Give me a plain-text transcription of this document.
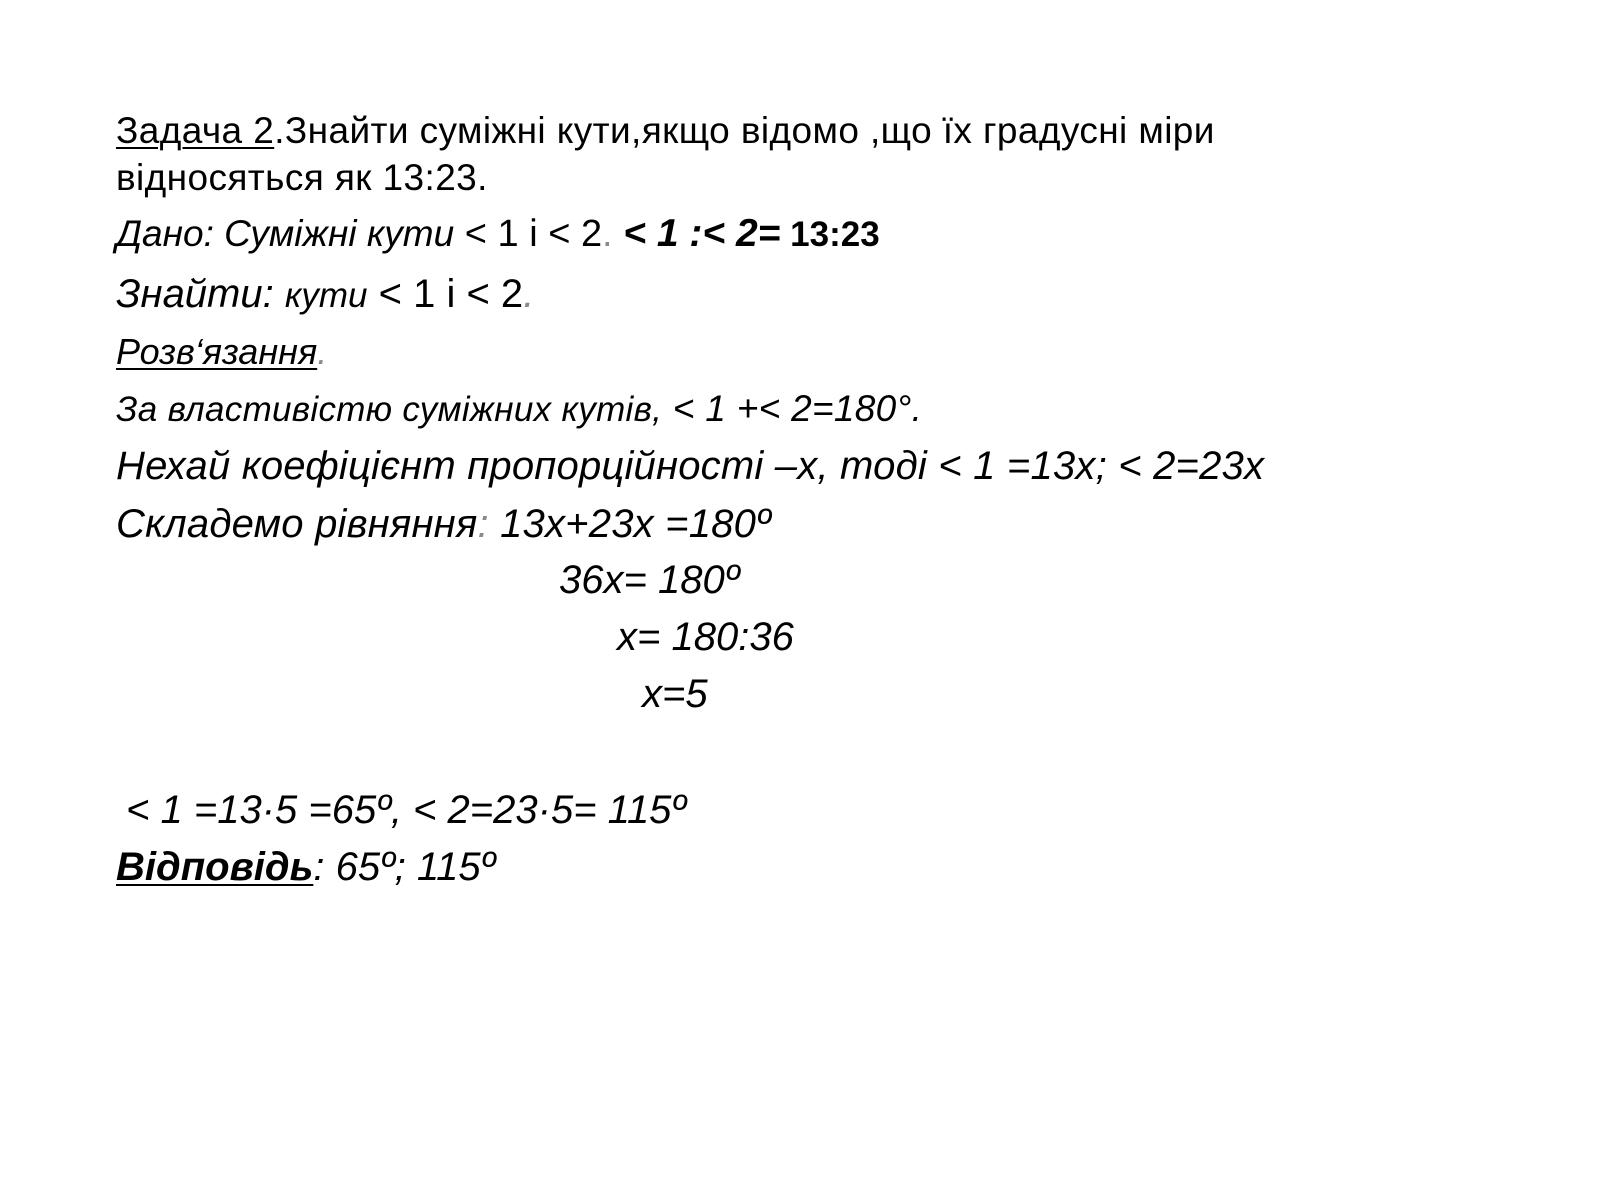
Задача 2.Знайти суміжні кути,якщо відомо ,що їх градусні міри
відносяться як 13:23.
Дано: Суміжні кути < 1 і < 2. < 1 :< 2= 13:23
Знайти: кути < 1 і < 2.
Розв‘язання.
За властивістю суміжних кутів, < 1 +< 2=180°.
Нехай коефіцієнт пропорційності –х, тоді < 1 =13х; < 2=23х
Складемо рівняння: 13х+23х =180º
36х= 180º
х= 180:36
х=5
< 1 =13·5 =65º, < 2=23·5= 115º
Відповідь: 65º; 115º
